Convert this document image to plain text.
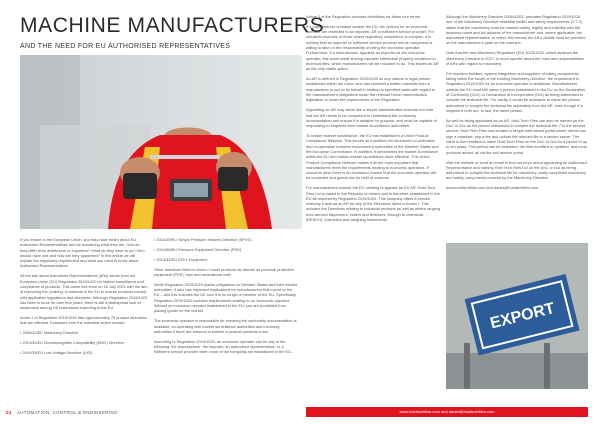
MACHINE MANUFACTURERS
AND THE NEED FOR EU AUTHORISED REPRESENTATIVES

If you export to the European Union, you may have heard about EU Authorised Representatives and be wondering what they are. How do they differ from distributors or importers? What do they have to do? Who should have one and how are they appointed? In this article we will explain the regulatory requirement and what you need to know about Authorised Representatives.

All the talk about Authorised Representatives (ARs) stems from the European Union (EU) Regulation 2019/1020 on market surveillance and compliance of products. This came into force on 16 July 2021 with the aim of improving the 'policing' of markets in the EU to ensure products comply with applicable regulations and directives. Although Regulation 2019/1020 has been in force for over four years, there is still a widespread lack of awareness among UK businesses exporting to the EU.

Annex I of Regulation 2019/1020 lists approximately 70 product directives that are affected. Examples from the industrial sector include:

• 2006/42/EC Machinery Directive
• 2014/30/EU Electromagnetic Compatibility (EMC) Directive
• 2014/35/EU Low Voltage Directive (LVD)
• 2014/29/EU Simple Pressure Vessels Directive (SPVD)
• 2014/68/EU Pressure Equipment Directive (PED)
• 2014/34/EU ATEX Equipment

Other directives listed in Annex I cover products as diverse as personal protective equipment (PPE), toys and recreational craft.

While Regulation 2019/1020 places obligations on Member States and their market authorities, it also has important implications for manufacturers that export to the EU – and this includes the UK now it is no longer a member of the EU. Specifically, Regulation 2019/1020 contains requirements relating to an 'economic operator'. Without an economic operator established in the EU, you are prohibited from placing goods on the market.

The economic operator is responsible for ensuring the conformity documentation is available, co-operating with market surveillance authorities and informing authorities if there are reasons to believe a product presents a risk.

According to Regulation 2019/1020, an economic operator can be any of the following: the manufacturer, the importer, an authorised representative, or a fulfilment service provider when none of the foregoing are established in the EU.

Article 3 of the Regulation provides definitions for these four terms.

If a manufacturer is based outside the EU, the options for an economic operator are restricted to an importer, AR or fulfilment service provider. For industrial products or those where regulatory compliance is complex, it is unlikely that an importer or fulfilment service provider will be competent or willing to take on the responsibility of being the economic operator. Furthermore, if a manufacturer appoints an importer as the economic operator, this could entail sharing valuable intellectual property contained in technical files, which manufacturers will be reluctant to do. This leaves an AR as the only viable option.

An AR is defined in Regulation 2019/1020 as any natural or legal person established within the Union who has received a written mandate from a manufacturer to act on its behalf in relation to specified tasks with regard to the manufacturer's obligations under the relevant Union harmonisation legislation or under the requirements of the Regulation.

Appointing an AR may seem like a simple administrative exercise but note that the AR needs to be competent to understand the conformity documentation and ensure it is suitable for purpose, and must be capable of responding to enquiries from market surveillance authorities.

To bolster market surveillance, the EU has established a Union Product Compliance Network. This serves as a platform for structured co-ordination and co-operation between enforcement authorities of the Member States and the European Commission. In addition, it streamlines the market surveillance within the EU and makes market surveillance more effective. This Union Product Compliance Network makes it all the more important that manufacturers meet the requirements relating to economic operators. If concerns arise there is an increased chance that the economic operator will be contacted and goods can be held at customs.

For manufacturers outside the EU needing to appoint an EU AR, Hold Tech Files Ltd is based in the Republic of Ireland and is therefore established in the EU as required by Regulation 2019/1020. This company offers a service whereby it acts as an AR for any of the Directives listed in Annex I. This includes the Directives relating to industrial products as well as others ranging from aerosol dispensers, boilers and fertilisers, through to chemicals (REACH), cosmetics and weighing instruments.

Although the Machinery Directive 2006/42/EC predates Regulation 2019/1020, one of the Machinery Directive essential health and safety requirements (1.7.3) states that the machinery must be marked visibly, legibly and indelibly with the business name and full address of the manufacturer and, where applicable, his authorised representative. In effect, this means the AR's details must be provided on the manufacturer's plate on the machine.

Note that the new Machinery Regulation (EU) 2023/1230, which replaces the Machinery Directive in 2027, is more specific about the roles and responsibilities of ARs with regard to machinery.

For machine builders, system integrators and suppliers of safety components falling within the scope of the existing Machinery Directive, the requirement in Regulation 2019/1020 for an economic operator is additional. Manufacturers outside the EU must still name a person established in the EU on the Declaration of Conformity (DoC) or Declaration of Incorporation (DoI) as being authorised to compile the technical file. For clarity, it would be advisable to name the person authorised to compile the technical file separately from the AR, even though it is simplest if both are, in fact, the same person.

As well as being appointed as an AR, Hold Tech Files can also be named on the DoC or DoI as the person authorised to compile the technical file. For the second service, Hold Tech Files has created a simple web-based portal where clients can sign a mandate, pay a fee and upload the relevant file in a secure server. The client is then entitled to name Hold Tech Files on the DoC or DoI for a period of up to ten years. This period can be extended, the files modified or updated, and more products added, all via the self-service portal.

Visit the website or send an email to find out more about appointing an Authorised Representative and naming Hold Tech Files Ltd on the DoC or DoI as being authorised to compile the technical file for machinery, partly completed machinery and safety components covered by the Machinery Directive.

www.holdtechfiles.com and daniel@holdtechfiles.com

EXPORT
www.holdtechfiles.com and daniel@holdtechfiles.com
24 AUTOMATION, CONTROL & ENGINEERING
